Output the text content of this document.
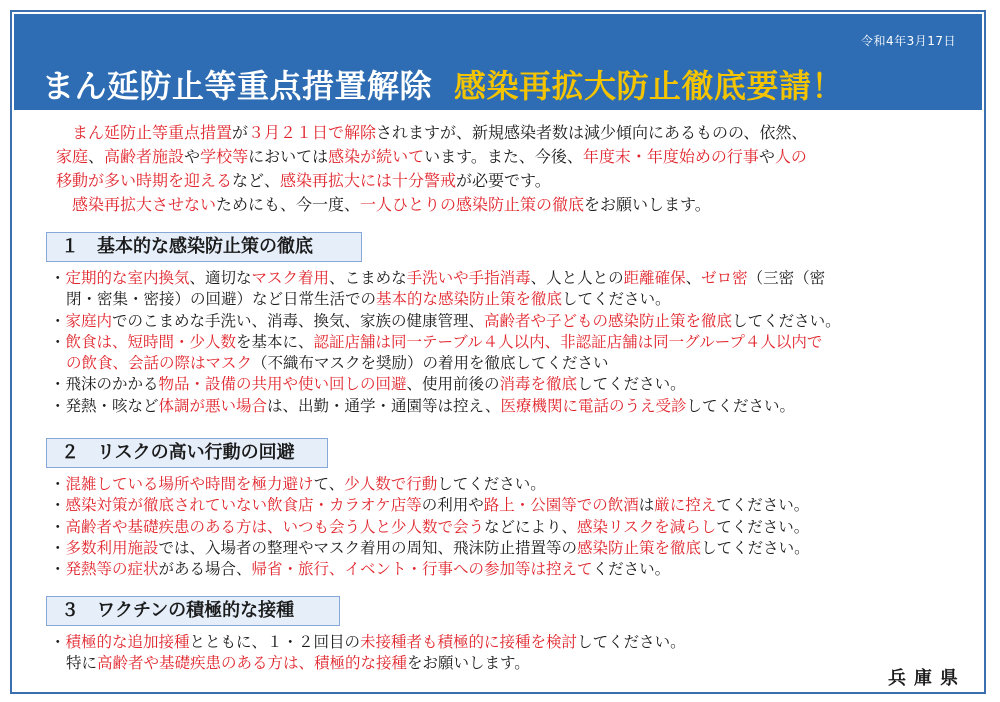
令和4年3月17日
まん延防止等重点措置解除 感染再拡大防止徹底要請！

まん延防止等重点措置が３月２１日で解除されますが、新規感染者数は減少傾向にあるものの、依然、

家庭、高齢者施設や学校等においては感染が続いています。また、今後、年度末・年度始めの行事や人の

移動が多い時期を迎えるなど、感染再拡大には十分警戒が必要です。

感染再拡大させないためにも、今一度、一人ひとりの感染防止策の徹底をお願いします。

１　基本的な感染防止策の徹底
・定期的な室内換気、適切なマスク着用、こまめな手洗いや手指消毒、人と人との距離確保、ゼロ密（三密（密
閉・密集・密接）の回避）など日常生活での基本的な感染防止策を徹底してください。
・家庭内でのこまめな手洗い、消毒、換気、家族の健康管理、高齢者や子どもの感染防止策を徹底してください。
・飲食は、短時間・少人数を基本に、認証店舗は同一テーブル４人以内、非認証店舗は同一グループ４人以内で
の飲食、会話の際はマスク（不織布マスクを奨励）の着用を徹底してください
・飛沫のかかる物品・設備の共用や使い回しの回避、使用前後の消毒を徹底してください。
・発熱・咳など体調が悪い場合は、出勤・通学・通園等は控え、医療機関に電話のうえ受診してください。
２　リスクの高い行動の回避
・混雑している場所や時間を極力避けて、少人数で行動してください。
・感染対策が徹底されていない飲食店・カラオケ店等の利用や路上・公園等での飲酒は厳に控えてください。
・高齢者や基礎疾患のある方は、いつも会う人と少人数で会うなどにより、感染リスクを減らしてください。
・多数利用施設では、入場者の整理やマスク着用の周知、飛沫防止措置等の感染防止策を徹底してください。
・発熱等の症状がある場合、帰省・旅行、イベント・行事への参加等は控えてください。
３　ワクチンの積極的な接種
・積極的な追加接種とともに、１・２回目の未接種者も積極的に接種を検討してください。
特に高齢者や基礎疾患のある方は、積極的な接種をお願いします。
兵庫県
